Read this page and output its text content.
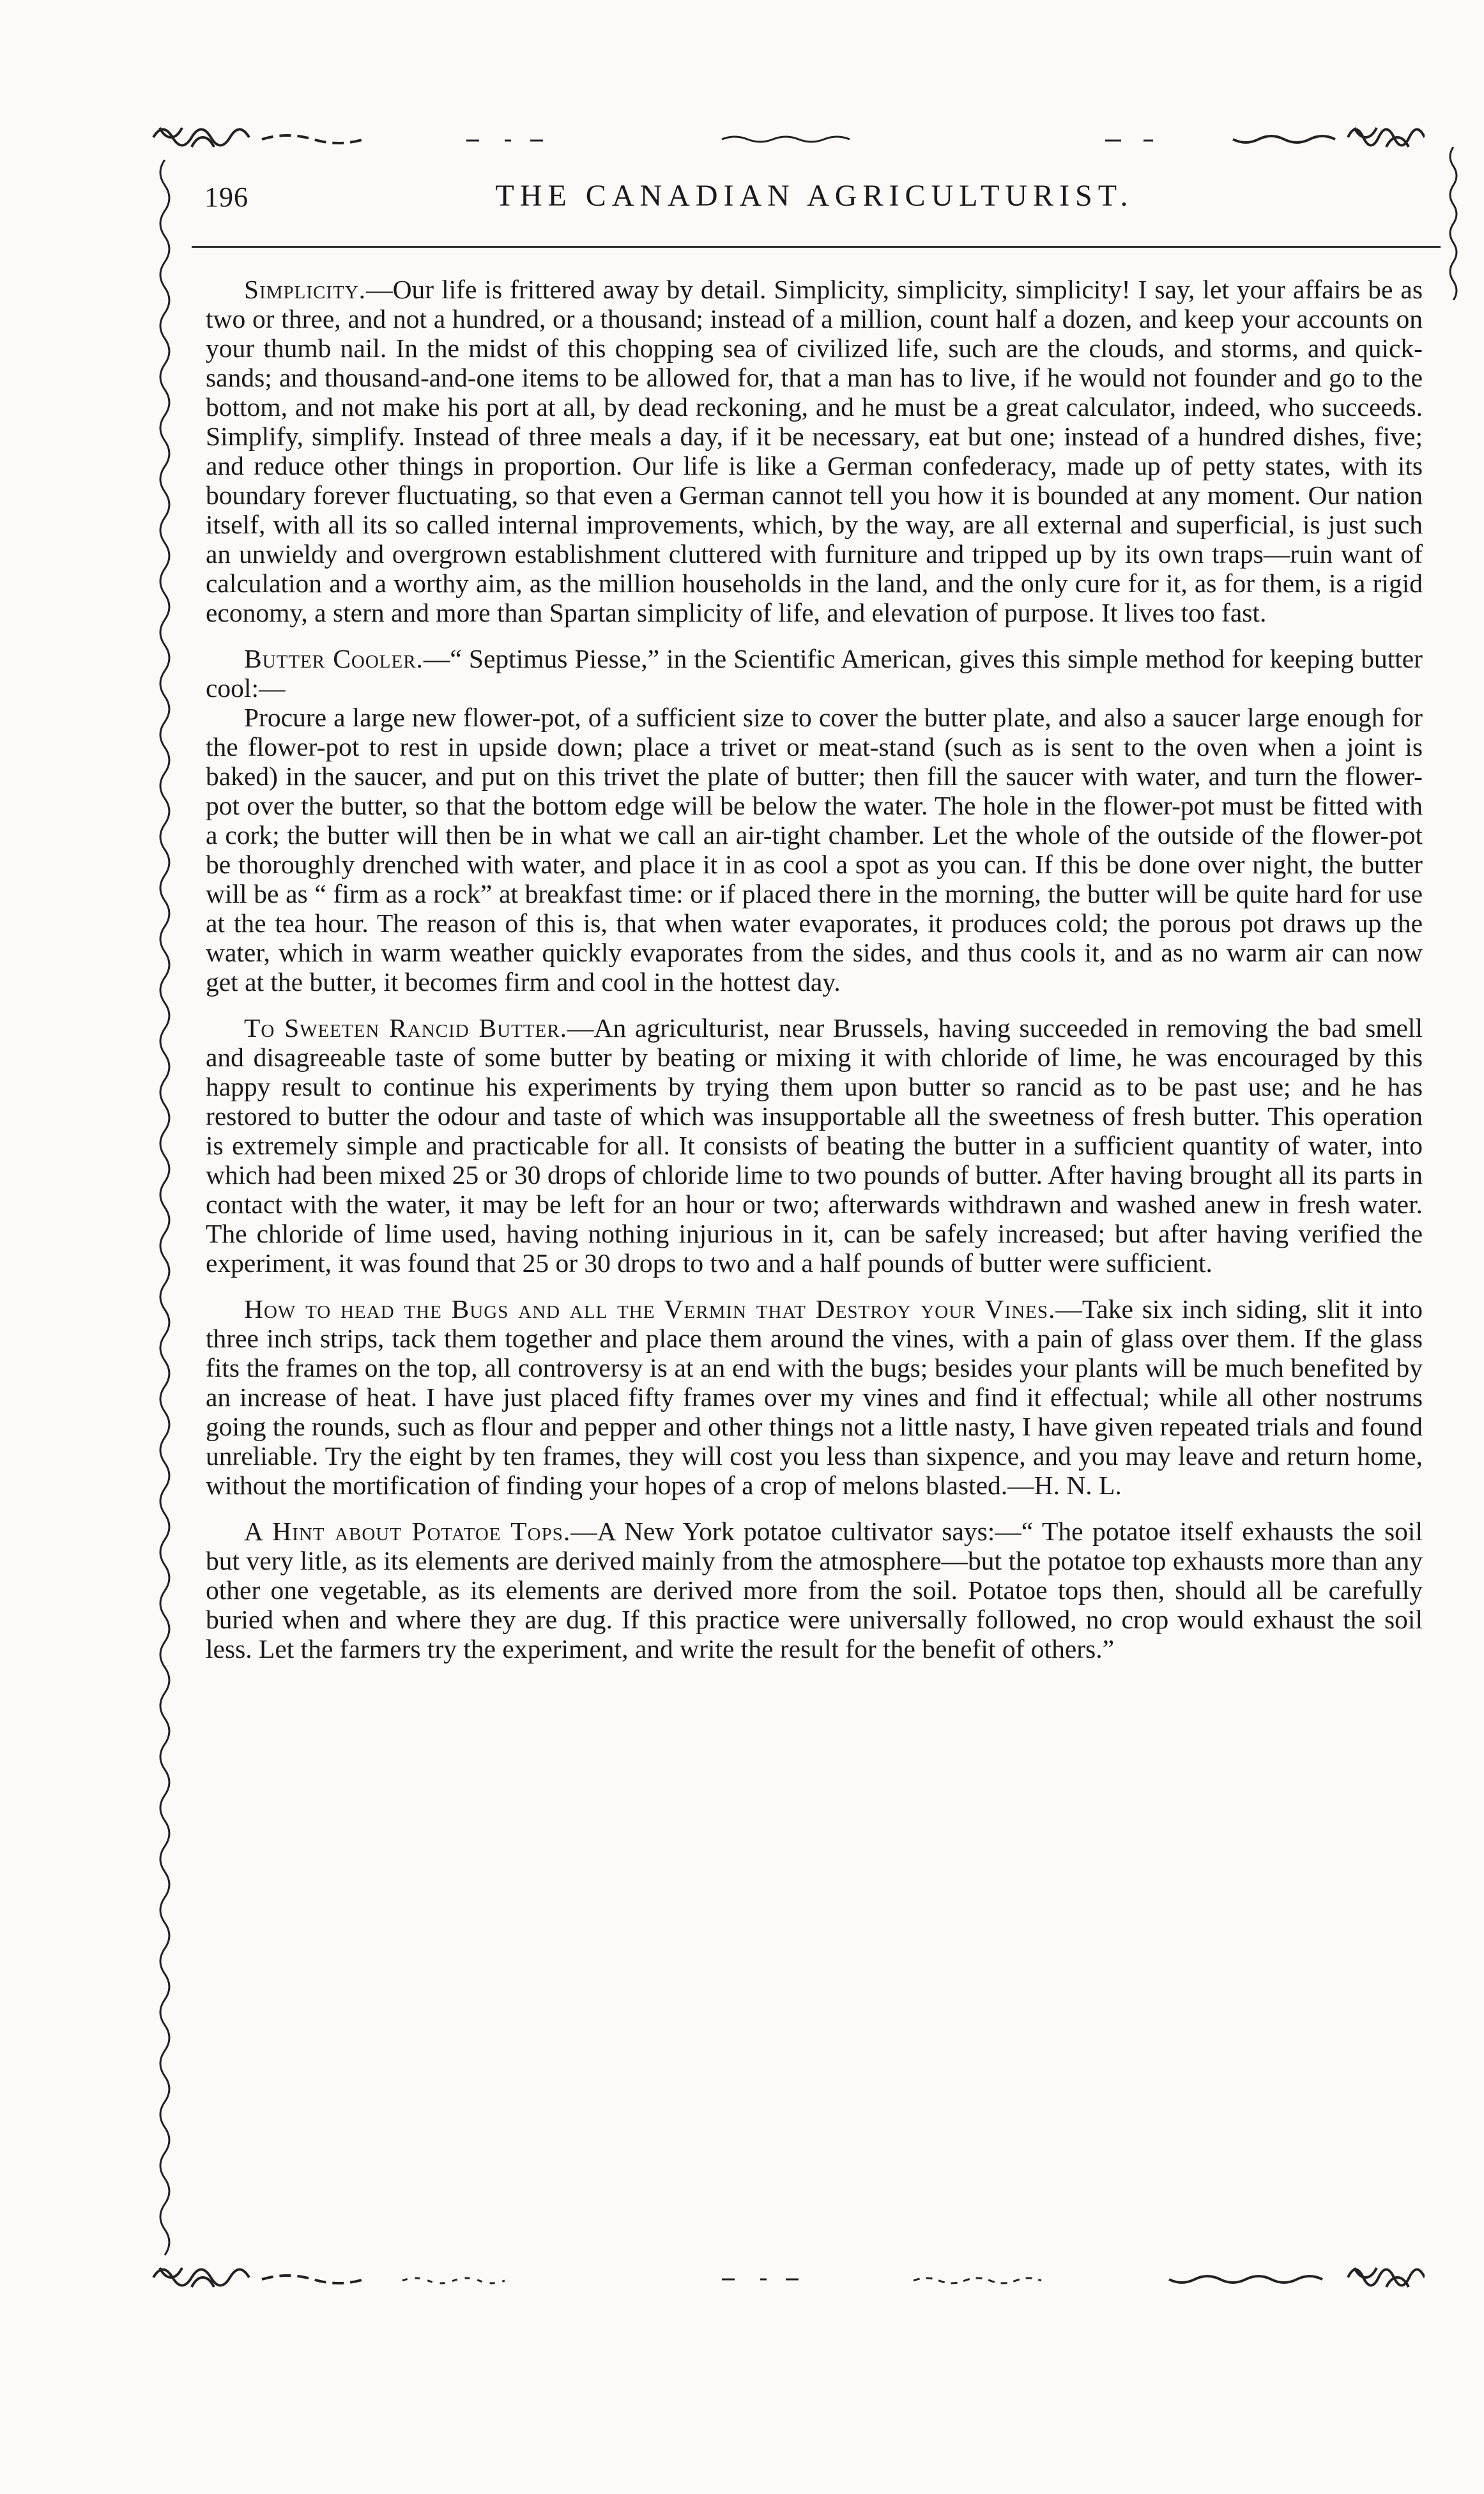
196	THE CANADIAN AGRICULTURIST.

Simplicity.—Our life is frittered away by detail. Simplicity, simplicity, simplicity! I say, let your affairs be as two or three, and not a hundred, or a thousand; instead of a million, count half a dozen, and keep your accounts on your thumb nail. In the midst of this chopping sea of civilized life, such are the clouds, and storms, and quick-sands; and thousand-and-one items to be allowed for, that a man has to live, if he would not founder and go to the bottom, and not make his port at all, by dead reckoning, and he must be a great calculator, indeed, who succeeds. Simplify, simplify. Instead of three meals a day, if it be necessary, eat but one; instead of a hundred dishes, five; and reduce other things in proportion. Our life is like a German confederacy, made up of petty states, with its boundary forever fluctuating, so that even a German cannot tell you how it is bounded at any moment. Our nation itself, with all its so called internal improvements, which, by the way, are all external and superficial, is just such an unwieldy and overgrown establishment cluttered with furniture and tripped up by its own traps—ruin want of calculation and a worthy aim, as the million households in the land, and the only cure for it, as for them, is a rigid economy, a stern and more than Spartan simplicity of life, and elevation of purpose. It lives too fast.

Butter Cooler.—“ Septimus Piesse,” in the Scientific American, gives this simple method for keeping butter cool:—

Procure a large new flower-pot, of a sufficient size to cover the butter plate, and also a saucer large enough for the flower-pot to rest in upside down; place a trivet or meat-stand (such as is sent to the oven when a joint is baked) in the saucer, and put on this trivet the plate of butter; then fill the saucer with water, and turn the flower-pot over the butter, so that the bottom edge will be below the water. The hole in the flower-pot must be fitted with a cork; the butter will then be in what we call an air-tight chamber. Let the whole of the outside of the flower-pot be thoroughly drenched with water, and place it in as cool a spot as you can. If this be done over night, the butter will be as “ firm as a rock” at breakfast time: or if placed there in the morning, the butter will be quite hard for use at the tea hour. The reason of this is, that when water evaporates, it produces cold; the porous pot draws up the water, which in warm weather quickly evaporates from the sides, and thus cools it, and as no warm air can now get at the butter, it becomes firm and cool in the hottest day.

To Sweeten Rancid Butter.—An agriculturist, near Brussels, having succeeded in removing the bad smell and disagreeable taste of some butter by beating or mixing it with chloride of lime, he was encouraged by this happy result to continue his experiments by trying them upon butter so rancid as to be past use; and he has restored to butter the odour and taste of which was insupportable all the sweetness of fresh butter. This operation is extremely simple and practicable for all. It consists of beating the butter in a sufficient quantity of water, into which had been mixed 25 or 30 drops of chloride lime to two pounds of butter. After having brought all its parts in contact with the water, it may be left for an hour or two; afterwards withdrawn and washed anew in fresh water. The chloride of lime used, having nothing injurious in it, can be safely increased; but after having verified the experiment, it was found that 25 or 30 drops to two and a half pounds of butter were sufficient.

How to head the Bugs and all the Vermin that Destroy your Vines.—Take six inch siding, slit it into three inch strips, tack them together and place them around the vines, with a pain of glass over them. If the glass fits the frames on the top, all controversy is at an end with the bugs; besides your plants will be much benefited by an increase of heat. I have just placed fifty frames over my vines and find it effectual; while all other nostrums going the rounds, such as flour and pepper and other things not a little nasty, I have given repeated trials and found unreliable. Try the eight by ten frames, they will cost you less than sixpence, and you may leave and return home, without the mortification of finding your hopes of a crop of melons blasted.—H. N. L.

A Hint about Potatoe Tops.—A New York potatoe cultivator says:—“ The potatoe itself exhausts the soil but very litle, as its elements are derived mainly from the atmosphere—but the potatoe top exhausts more than any other one vegetable, as its elements are derived more from the soil. Potatoe tops then, should all be carefully buried when and where they are dug. If this practice were universally followed, no crop would exhaust the soil less. Let the farmers try the experiment, and write the result for the benefit of others.”
